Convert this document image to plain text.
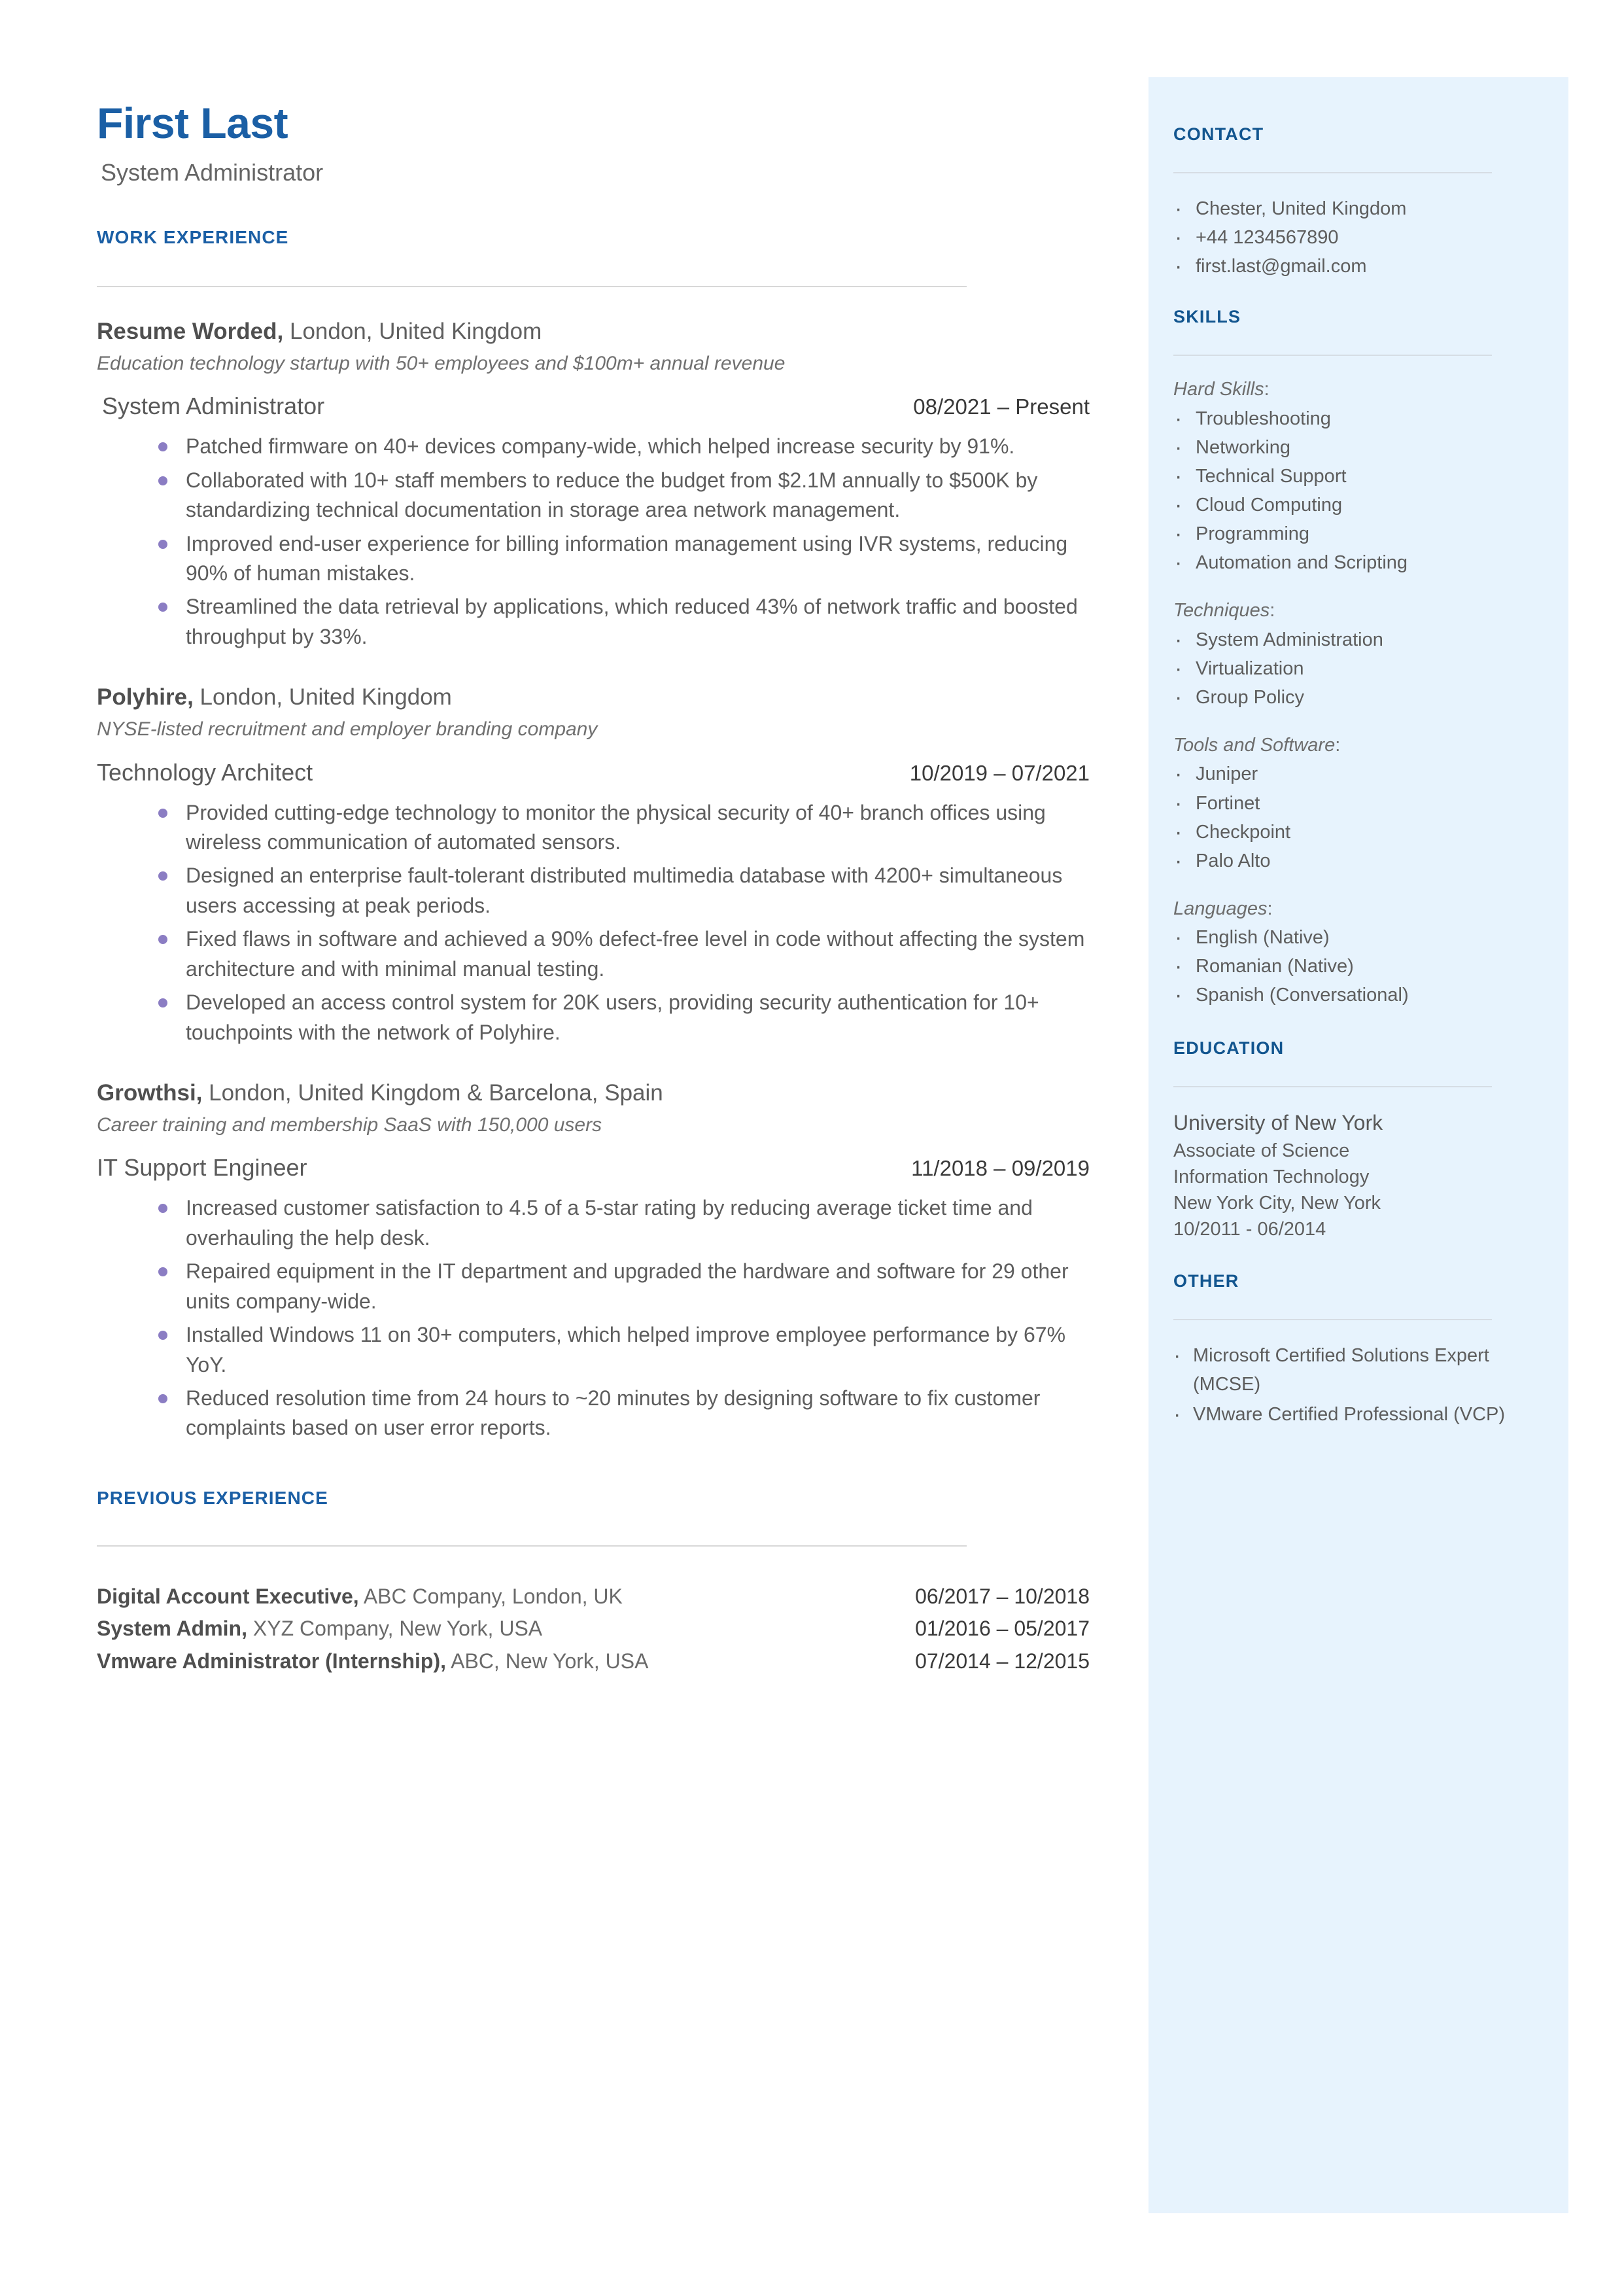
CONTACT
· Chester, United Kingdom
· +44 1234567890
· first.last@gmail.com
SKILLS

Hard Skills:

· Troubleshooting
· Networking
· Technical Support
· Cloud Computing
· Programming
· Automation and Scripting

Techniques:

· System Administration
· Virtualization
· Group Policy

Tools and Software:

· Juniper
· Fortinet
· Checkpoint
· Palo Alto

Languages:

· English (Native)
· Romanian (Native)
· Spanish (Conversational)
EDUCATION

University of New York

Associate of Science

Information Technology

New York City, New York

10/2011 - 06/2014

OTHER
· Microsoft Certified Solutions Expert (MCSE)
· VMware Certified Professional (VCP)
First Last

System Administrator

WORK EXPERIENCE

Resume Worded, London, United Kingdom

Education technology startup with 50+ employees and $100m+ annual revenue

System Administrator	08/2021 – Present
Patched firmware on 40+ devices company-wide, which helped increase security by 91%.
Collaborated with 10+ staff members to reduce the budget from $2.1M annually to $500K by standardizing technical documentation in storage area network management.
Improved end-user experience for billing information management using IVR systems, reducing 90% of human mistakes.
Streamlined the data retrieval by applications, which reduced 43% of network traffic and boosted throughput by 33%.

Polyhire, London, United Kingdom

NYSE-listed recruitment and employer branding company

Technology Architect	10/2019 – 07/2021
Provided cutting-edge technology to monitor the physical security of 40+ branch offices using wireless communication of automated sensors.
Designed an enterprise fault-tolerant distributed multimedia database with 4200+ simultaneous users accessing at peak periods.
Fixed flaws in software and achieved a 90% defect-free level in code without affecting the system architecture and with minimal manual testing.
Developed an access control system for 20K users, providing security authentication for 10+ touchpoints with the network of Polyhire.

Growthsi, London, United Kingdom & Barcelona, Spain

Career training and membership SaaS with 150,000 users

IT Support Engineer	11/2018 – 09/2019
Increased customer satisfaction to 4.5 of a 5-star rating by reducing average ticket time and overhauling the help desk.
Repaired equipment in the IT department and upgraded the hardware and software for 29 other units company-wide.
Installed Windows 11 on 30+ computers, which helped improve employee performance by 67% YoY.
Reduced resolution time from 24 hours to ~20 minutes by designing software to fix customer complaints based on user error reports.
PREVIOUS EXPERIENCE
Digital Account Executive, ABC Company, London, UK	06/2017 – 10/2018
System Admin, XYZ Company, New York, USA	01/2016 – 05/2017
Vmware Administrator (Internship), ABC, New York, USA	07/2014 – 12/2015
